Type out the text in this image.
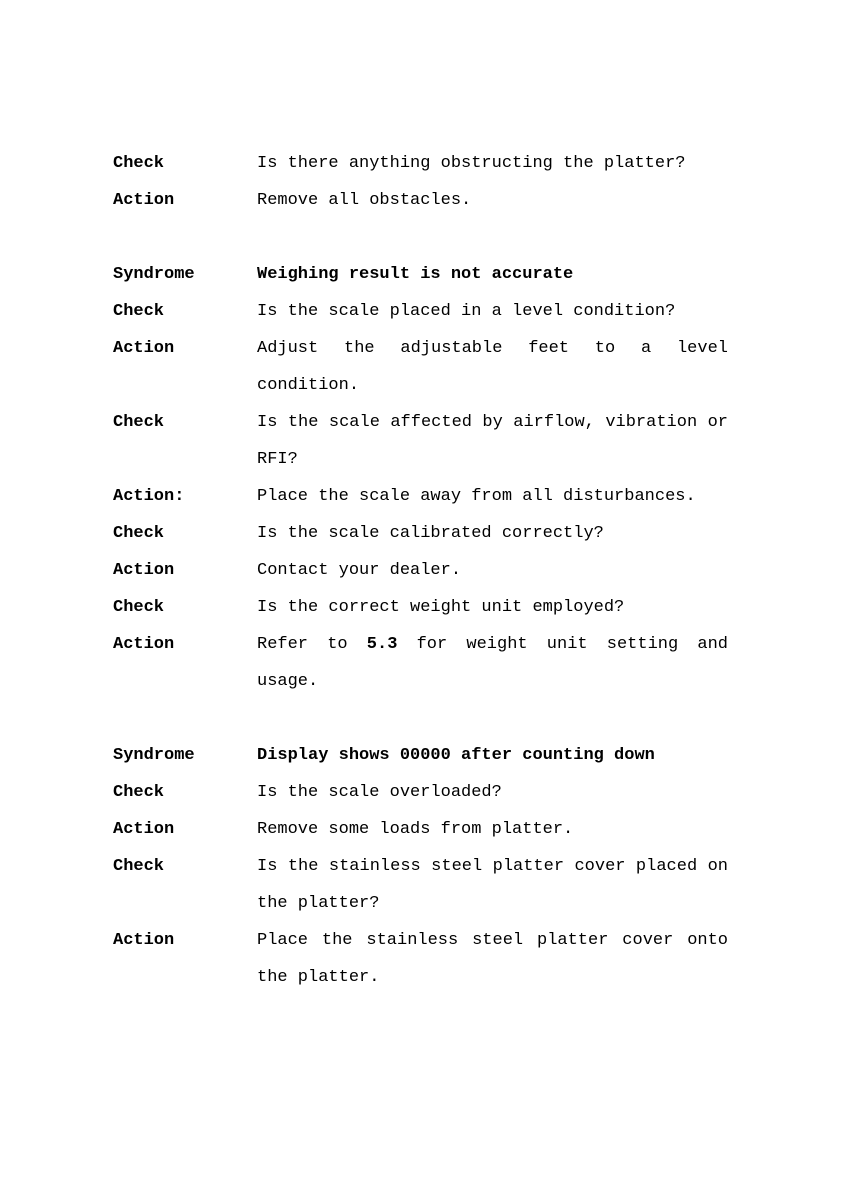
Check	Is there anything obstructing the platter?
Action	Remove all obstacles.
Syndrome	Weighing result is not accurate
Check	Is the scale placed in a level condition?
Action	Adjust the adjustable feet to a level condition.
Check	Is the scale affected by airflow, vibration or RFI?
Action:	Place the scale away from all disturbances.
Check	Is the scale calibrated correctly?
Action	Contact your dealer.
Check	Is the correct weight unit employed?
Action	Refer to 5.3 for weight unit setting and usage.
Syndrome	Display shows 00000 after counting down
Check	Is the scale overloaded?
Action	Remove some loads from platter.
Check	Is the stainless steel platter cover placed on the platter?
Action	Place the stainless steel platter cover onto the platter.
